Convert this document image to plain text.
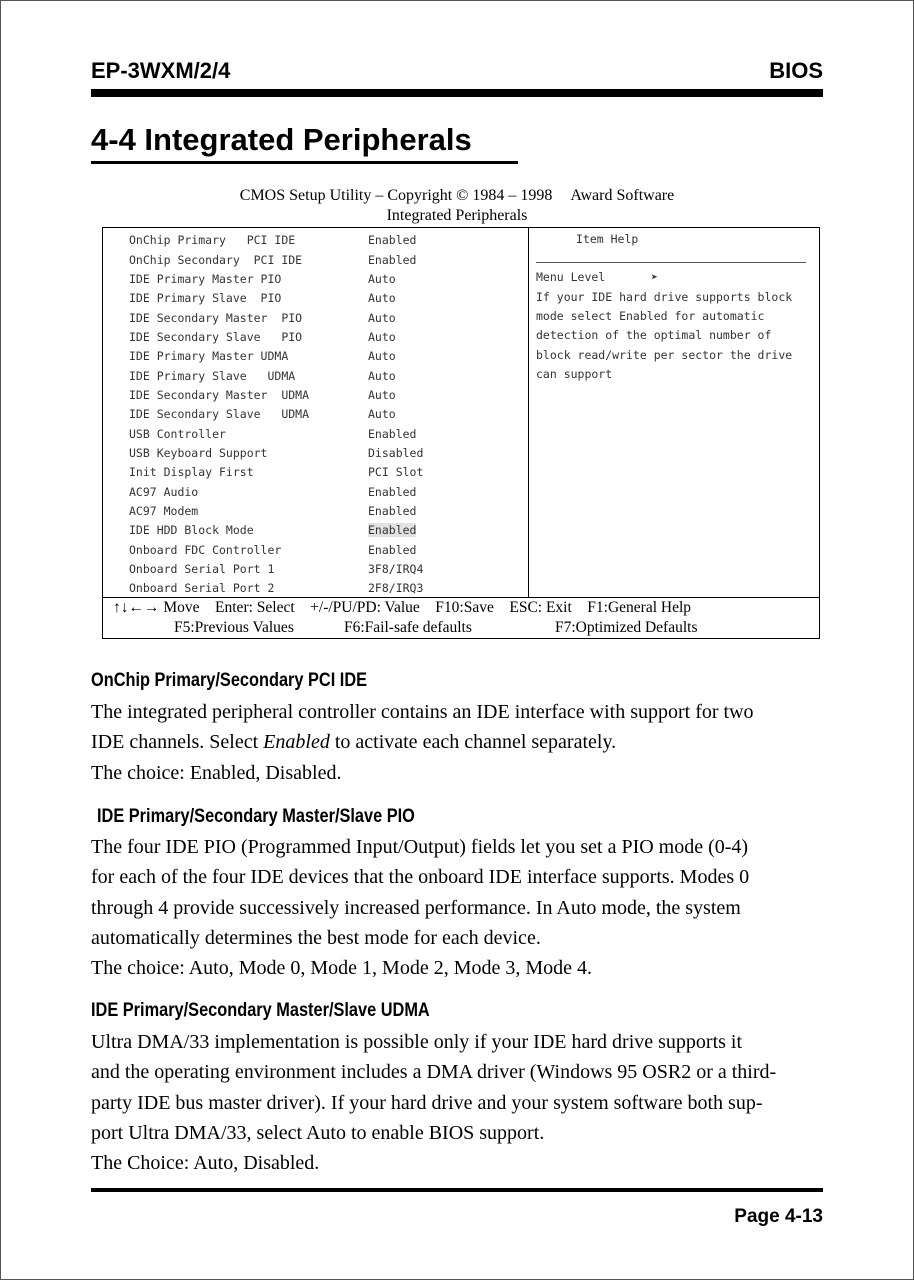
EP-3WXM/2/4	BIOS
4-4 Integrated Peripherals
CMOS Setup Utility – Copyright © 1984 – 1998 Award Software
Integrated Peripherals
OnChip Primary   PCI IDE	Enabled
OnChip Secondary  PCI IDE	Enabled
IDE Primary Master PIO	Auto
IDE Primary Slave  PIO	Auto
IDE Secondary Master  PIO	Auto
IDE Secondary Slave   PIO	Auto
IDE Primary Master UDMA	Auto
IDE Primary Slave   UDMA	Auto
IDE Secondary Master  UDMA	Auto
IDE Secondary Slave   UDMA	Auto
USB Controller	Enabled
USB Keyboard Support	Disabled
Init Display First	PCI Slot
AC97 Audio	Enabled
AC97 Modem	Enabled
IDE HDD Block Mode	Enabled
Onboard FDC Controller	Enabled
Onboard Serial Port 1	3F8/IRQ4
Onboard Serial Port 2	2F8/IRQ3

Item Help

Menu Level

	➤

If your IDE hard drive supports block

mode select Enabled for automatic

detection of the optimal number of

block read/write per sector the drive

can support

↑↓←→ Move    Enter: Select    +/-/PU/PD: Value    F10:Save    ESC: Exit    F1:General Help

F5:Previous Values

	F6:Fail-safe defaults

	F7:Optimized Defaults

OnChip Primary/Secondary PCI IDE
The integrated peripheral controller contains an IDE interface with support for two
IDE channels. Select Enabled to activate each channel separately.
The choice: Enabled, Disabled.
IDE Primary/Secondary Master/Slave PIO
The four IDE PIO (Programmed Input/Output) fields let you set a PIO mode (0-4)
for each of the four IDE devices that the onboard IDE interface supports. Modes 0
through 4 provide successively increased performance. In Auto mode, the system
automatically determines the best mode for each device.
The choice: Auto, Mode 0, Mode 1, Mode 2, Mode 3, Mode 4.
IDE Primary/Secondary Master/Slave UDMA
Ultra DMA/33 implementation is possible only if your IDE hard drive supports it
and the operating environment includes a DMA driver (Windows 95 OSR2 or a third-
party IDE bus master driver). If your hard drive and your system software both sup-
port Ultra DMA/33, select Auto to enable BIOS support.
The Choice: Auto, Disabled.
Page 4-13
